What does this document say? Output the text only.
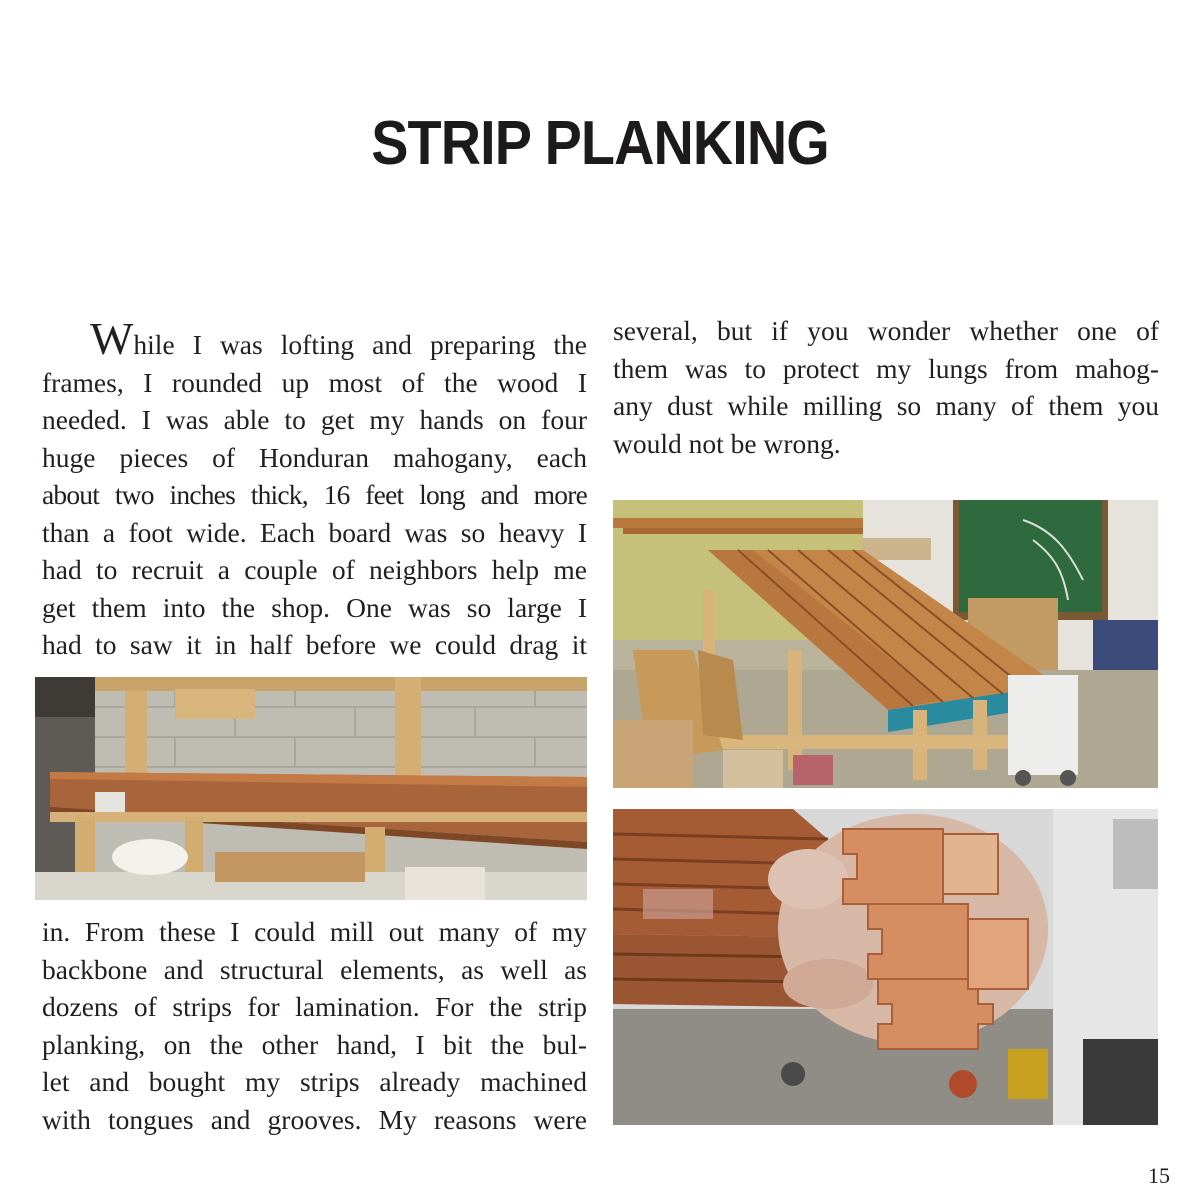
STRIP PLANKING
While I was lofting and preparing the
frames, I rounded up most of the wood I
needed. I was able to get my hands on four
huge pieces of Honduran mahogany, each
about two inches thick, 16 feet long and more
than a foot wide. Each board was so heavy I
had to recruit a couple of neighbors help me
get them into the shop. One was so large I
had to saw it in half before we could drag it
in. From these I could mill out many of my
backbone and structural elements, as well as
dozens of strips for lamination. For the strip
planking, on the other hand, I bit the bul-
let and bought my strips already machined
with tongues and grooves. My reasons were
several, but if you wonder whether one of
them was to protect my lungs from mahog-
any dust while milling so many of them you
would not be wrong.

15
